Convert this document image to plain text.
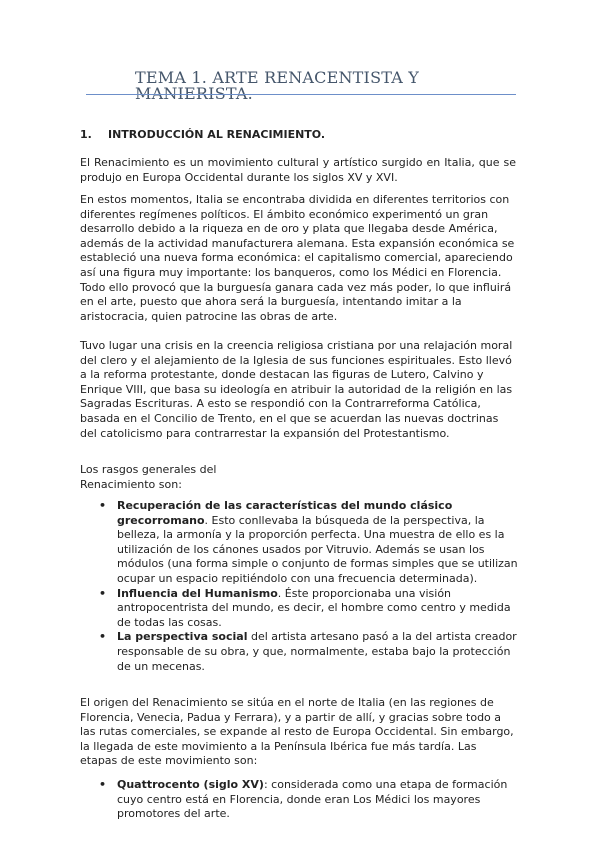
TEMA 1. ARTE RENACENTISTA Y MANIERISTA.
1. INTRODUCCIÓN AL RENACIMIENTO.

El Renacimiento es un movimiento cultural y artístico surgido en Italia, que se produjo en Europa Occidental durante los siglos XV y XVI.

En estos momentos, Italia se encontraba dividida en diferentes territorios con diferentes regímenes políticos. El ámbito económico experimentó un gran desarrollo debido a la riqueza en de oro y plata que llegaba desde América, además de la actividad manufacturera alemana. Esta expansión económica se estableció una nueva forma económica: el capitalismo comercial, apareciendo así una figura muy importante: los banqueros, como los Médici en Florencia. Todo ello provocó que la burguesía ganara cada vez más poder, lo que influirá en el arte, puesto que ahora será la burguesía, intentando imitar a la aristocracia, quien patrocine las obras de arte.

Tuvo lugar una crisis en la creencia religiosa cristiana por una relajación moral del clero y el alejamiento de la Iglesia de sus funciones espirituales. Esto llevó a la reforma protestante, donde destacan las figuras de Lutero, Calvino y Enrique VIII, que basa su ideología en atribuir la autoridad de la religión en las Sagradas Escrituras. A esto se respondió con la Contrarreforma Católica, basada en el Concilio de Trento, en el que se acuerdan las nuevas doctrinas del catolicismo para contrarrestar la expansión del Protestantismo.

Los rasgos generales del
Renacimiento son:
• Recuperación de las características del mundo clásico grecorromano. Esto conllevaba la búsqueda de la perspectiva, la belleza, la armonía y la proporción perfecta. Una muestra de ello es la utilización de los cánones usados por Vitruvio. Además se usan los módulos (una forma simple o conjunto de formas simples que se utilizan ocupar un espacio repitiéndolo con una frecuencia determinada).
• Influencia del Humanismo. Éste proporcionaba una visión antropocentrista del mundo, es decir, el hombre como centro y medida de todas las cosas.
• La perspectiva social del artista artesano pasó a la del artista creador responsable de su obra, y que, normalmente, estaba bajo la protección de un mecenas.

El origen del Renacimiento se sitúa en el norte de Italia (en las regiones de Florencia, Venecia, Padua y Ferrara), y a partir de allí, y gracias sobre todo a las rutas comerciales, se expande al resto de Europa Occidental. Sin embargo, la llegada de este movimiento a la Península Ibérica fue más tardía. Las etapas de este movimiento son:

• Quattrocento (siglo XV): considerada como una etapa de formación cuyo centro está en Florencia, donde eran Los Médici los mayores promotores del arte.
